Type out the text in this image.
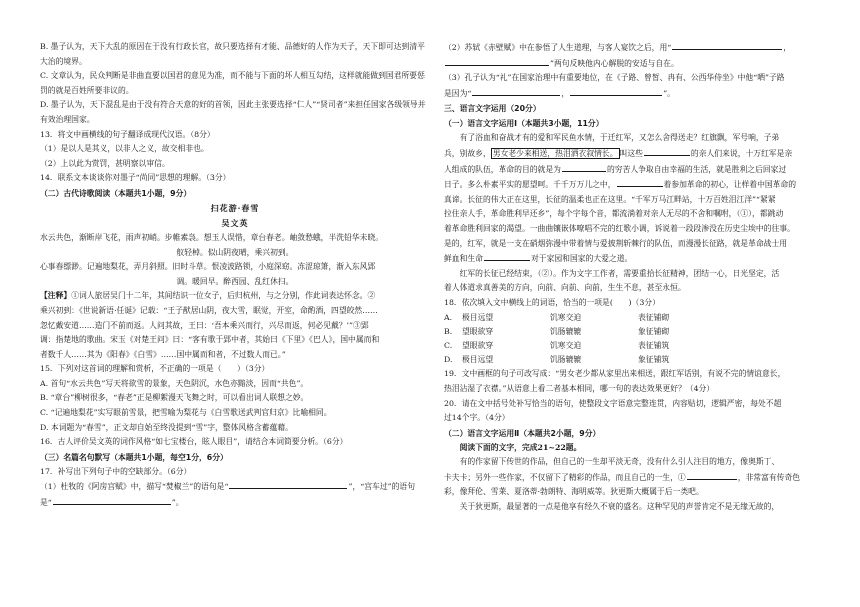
B. 墨子认为，天下大乱的原因在于没有行政长官，故只要选择有才能、品德好的人作为天子，天下即可达到清平大治的境界。

C. 文章认为，民众判断是非曲直要以国君的意见为准，而不能与下面的坏人相互勾结，这样就能做到国君所要惩罚的就是百姓所要非议的。

D. 墨子认为，天下混乱是由于没有符合天意的好的首领，因此主张要选择“仁人”“贤司者”来担任国家各级领导并有效治理国家。

13．将文中画横线的句子翻译成现代汉语。（8分）

（1）是以人是其义，以非人之义，故交相非也。

（2）上以此为赏罚，甚明察以审信。

14．联系文本谈谈你对墨子“尚同”思想的理解。（3分）

（二）古代诗歌阅读（本题共1小题，9分）

扫花游·春雪

吴文英

水云共色，渐断岸飞花，雨声初峭。步帷素袅。想玉人误惜，章台春老。岫敛愁蛾，半洗铅华未晓。

舣轻棹。似山阴夜晴，乘兴初到。

心事春缥渺。记遍地梨花，弄月斜照。旧时斗草。恨凌波路锁，小庭深窈。冻涩琼箫，渐入东风郢

调。暖回早。醉西园、乱红休扫。

【注释】①词人旅居吴门十二年，其间结识一位女子，后归杭州，与之分别，作此词表达怀念。②

乘兴初到：《世说新语·任诞》记载：“王子猷居山阴，夜大雪，眠觉，开室，命酌酒，四望皎然……

忽忆戴安道……造门不前而返。人问其故，王曰：‘吾本乘兴而行，兴尽而返，何必见戴？’”③郢

调：指楚地的歌曲。宋玉《对楚王问》曰：“客有歌于郢中者，其始曰《下里》《巴人》，国中属而和

者数千人……其为《阳春》《白雪》……国中属而和者，不过数人而已。”

15．下列对这首词的理解和赏析，不正确的一项是（　　）（3分）

A. 首句“水云共色”写天将欲雪的景象，天色阴沉，水色亦黯淡，因而“共色”。

B. “章台”柳树很多，“春老”正是柳絮漫天飞舞之时，可以看出词人联想之妙。

C. “记遍地梨花”实写眼前雪景，把雪喻为梨花与《白雪歌送武判官归京》比喻相同。

D. 本词题为“春雪”，正文却自始至终没提到“雪”字，整体风格含蓄蕴藉。

16．古人评价吴文英的词作风格“如七宝楼台，眩人眼目”，请结合本词简要分析。（6分）

（三）名篇名句默写（本题共1小题，每空1分，6分）

17．补写出下列句子中的空缺部分。（6分）

（1）杜牧的《阿房宫赋》中，描写“焚椒兰”的语句是“	”，“宫车过”的语句

是“	”。

（2）苏轼《赤壁赋》中在参悟了人生道理，与客人宴饮之后，用“	，

”两句反映他内心解脱的安适与自在。

（3）孔子认为“礼”在国家治理中有重要地位，在《子路、曾皙、冉有、公西华侍坐》中他“哂”子路

是因为“	，	”。

三、语言文字运用（20分）

（一）语言文字运用Ⅰ（本题共3小题，11分）

有了浴血和奋战才有的爱和军民鱼水情，于迁红军，又怎么舍得送走？红旗飘，军号响，子弟

兵，别故乡， 男女老少来相送，热泪洒衣叙情长。 叫这些	的亲人们来说，十万红军是亲

人组成的队伍，革命的目的就是为	的穷苦人争取自由幸福的生活，就是胜利之后回家过

日子。多么朴素平实的愿望呵。千千万万儿之中，	着参加革命的初心，让样着中国革命的

真谛。长征的伟大正在这里，长征的温柔也正在这里。“千军万马江畔站，十万百姓泪江洋”“紧紧

拉住亲人手，革命胜利早还乡”，每个字每个音，都流淌着对亲人无尽的不舍和嘱咐，（①），都跳动

着革命胜利回家的渴望。一曲曲镶嵌体嘹唱不完的红歌小调，诉说着一段段渗没在历史尘埃中的往事。

是的，红军，就是一支在硝烟弥漫中带着情与爱披荆斩棘行的队伍，而漫漫长征路，就是革命战士用

鲜血和生命	对于家园和国家的大爱之道。

红军的长征已经结束，（②）。作为文字工作者，需要重拾长征精神，团结一心，日光坚定，活

着人体道求真善美的方向，向前、向前、向前，生生不息，甚至永恒。

18．依次填入文中横线上的词语，恰当的一项是(　　)（3分）

A.	极目远望	饥寒交迫	表征铺砌
B.	望眼欲穿	饥肠辘辘	象征铺砌
C.	望眼欲穿	饥寒交迫	表征铺筑
D.	极目远望	饥肠辘辘	象征铺筑

19．文中画框的句子可改写成：“男女老少都从家里出来相送，跟红军话别，有说不完的情谊意长，

热泪沾湿了衣襟。”从语意上看二者基本相同，哪一句的表达效果更好？（4分）

20．请在文中括号处补写恰当的语句，使整段文字语意完整连贯，内容贴切，逻辑严密，每处不超

过14个字。（4分）

（二）语言文字运用Ⅱ（本题共2小题，9分）

阅读下面的文字，完成21~22题。

有的作家留下传世的作品，但自己的一生却平淡无奇，没有什么引人注目的地方，像奥斯丁、

卡夫卡；另外一些作家，不仅留下了精彩的作品，而且自己的一生，①	，非常富有传奇色

彩，像拜伦、雪莱、夏洛蒂·勃朗特、海明威等。狄更斯大概属于后一类吧。

关于狄更斯，最显著的一点是他享有经久不衰的盛名。这种罕见的声誉肯定不是无缘无故的，
